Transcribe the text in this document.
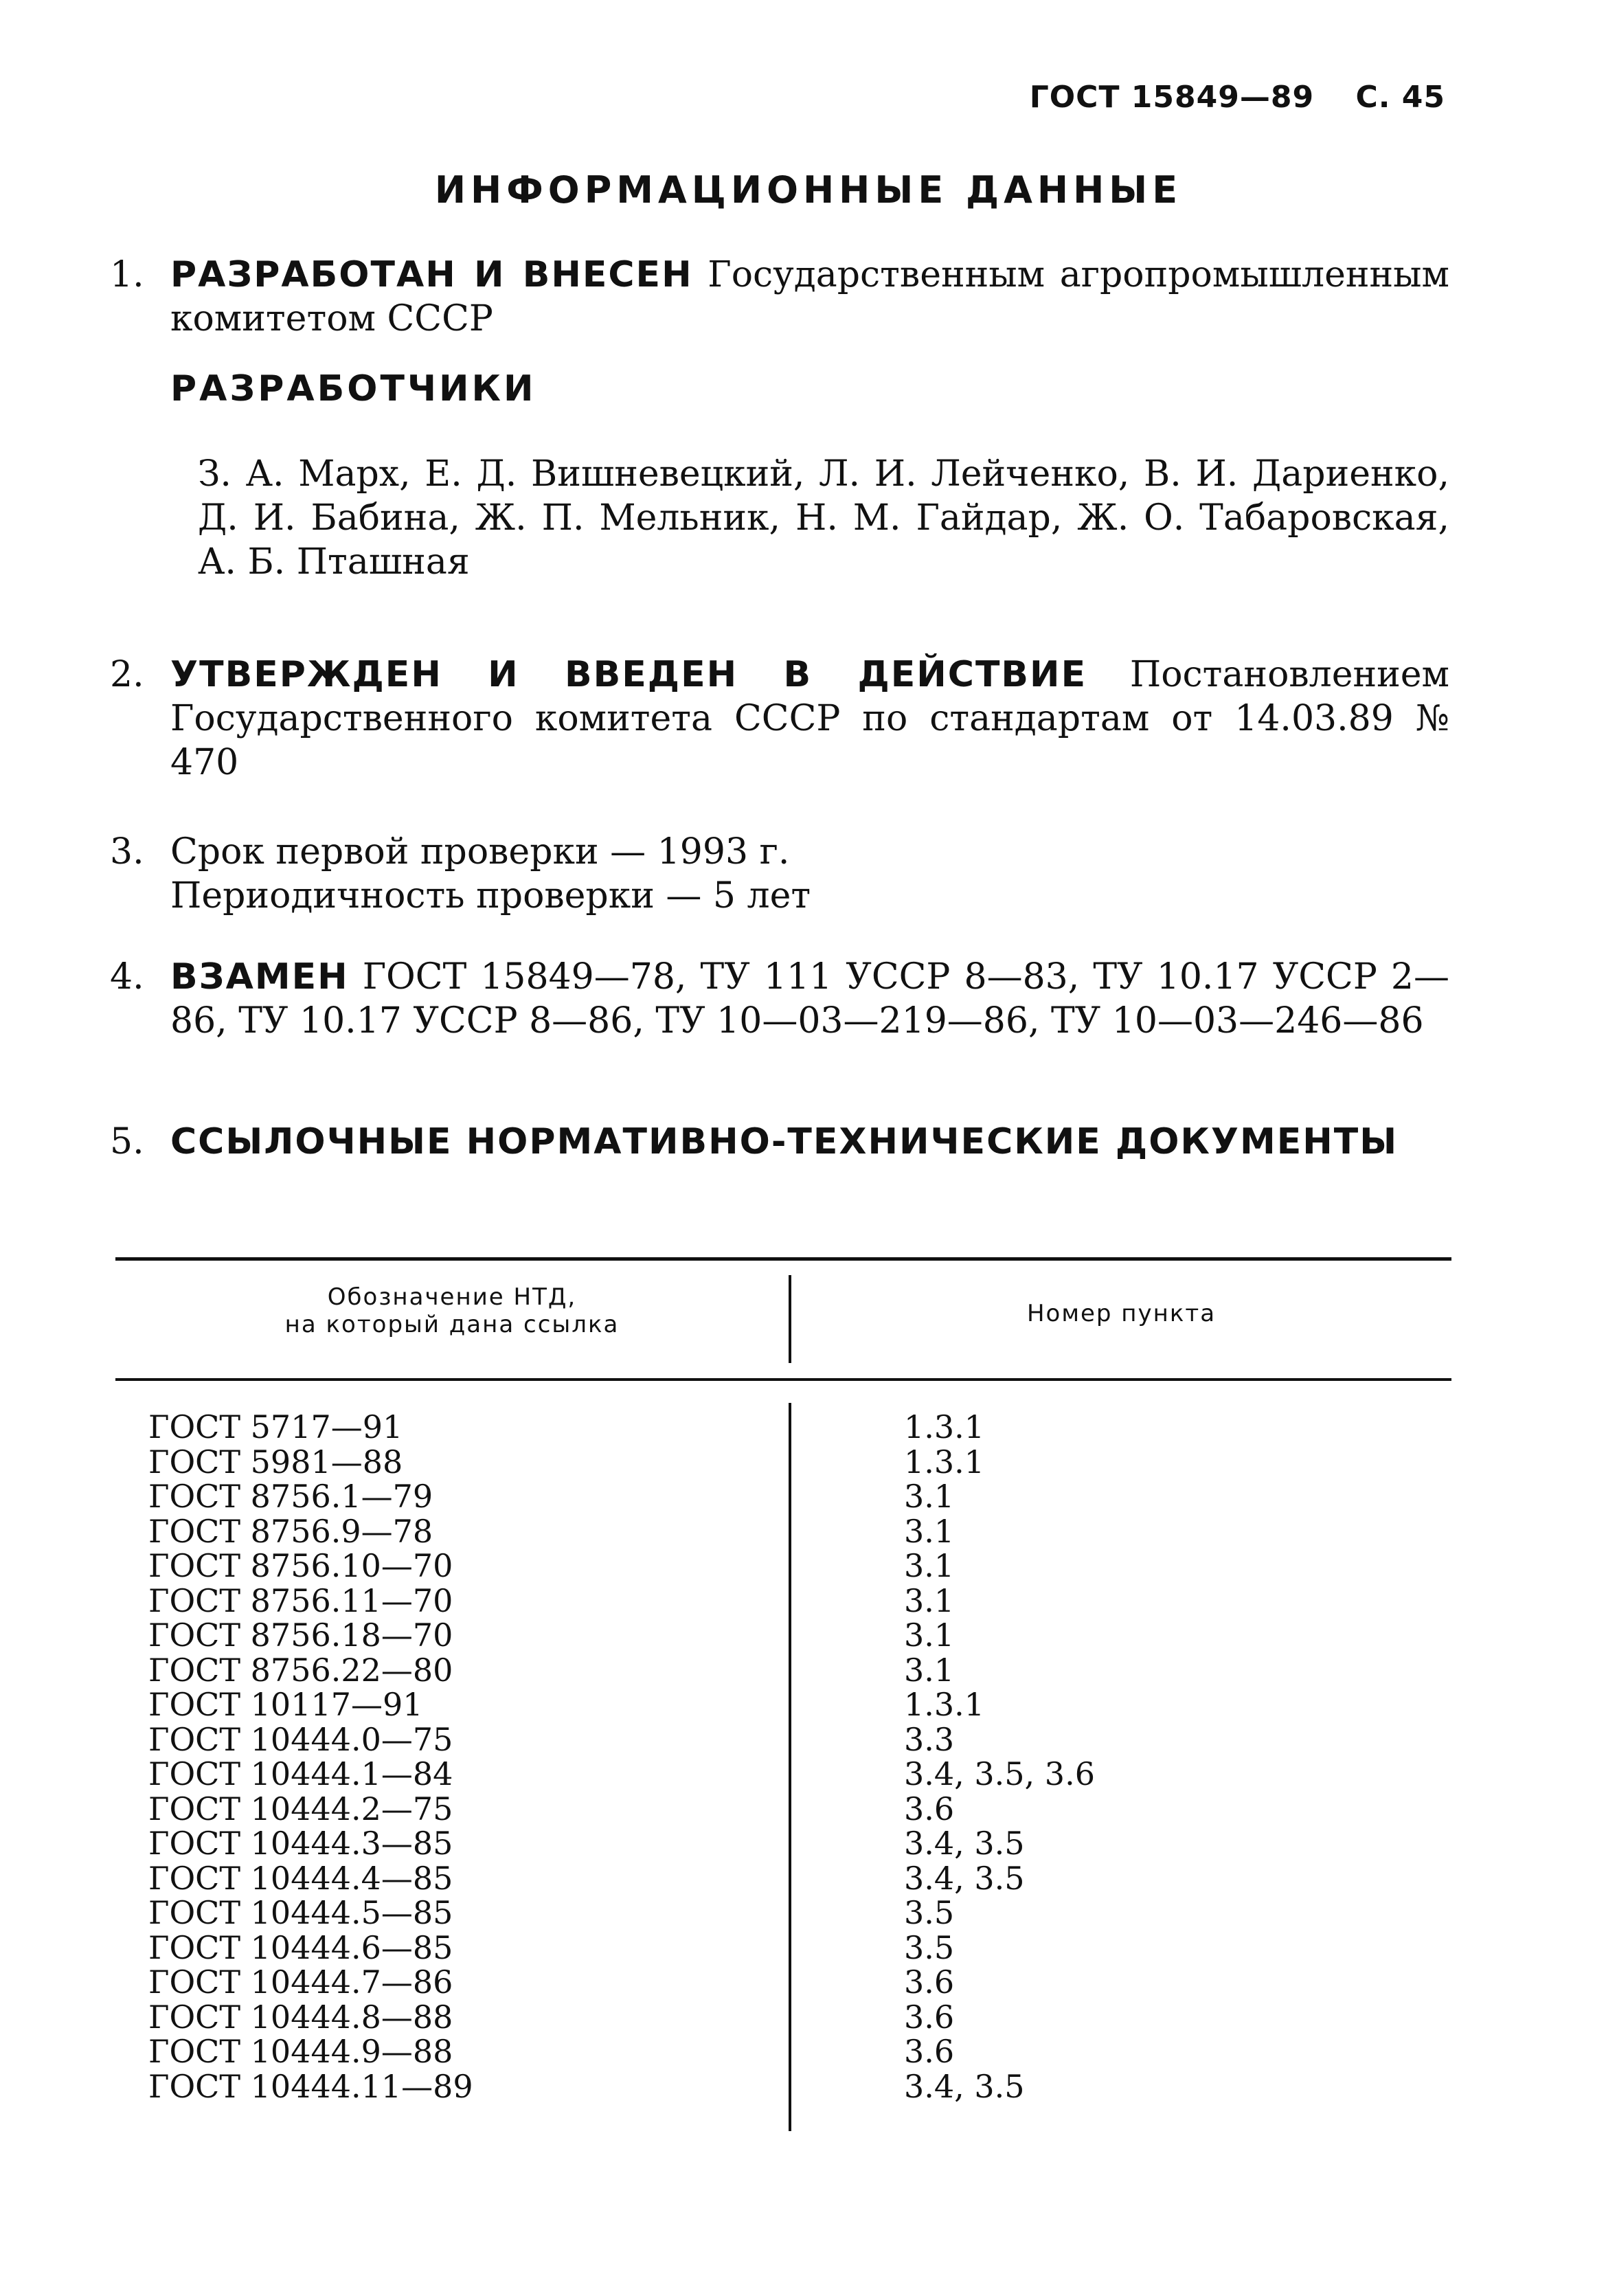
ГОСТ 15849—89 С. 45
ИНФОРМАЦИОННЫЕ ДАННЫЕ
1. РАЗРАБОТАН И ВНЕСЕН Государственным агропромышленным комитетом СССР
РАЗРАБОТЧИКИ
З. А. Марх, Е. Д. Вишневецкий, Л. И. Лейченко, В. И. Дариенко, Д. И. Бабина, Ж. П. Мельник, Н. М. Гайдар, Ж. О. Табаровская, А. Б. Пташная
2. УТВЕРЖДЕН И ВВЕДЕН В ДЕЙСТВИЕ Постановлением Государственного комитета СССР по стандартам от 14.03.89 № 470
3. Срок первой проверки — 1993 г.
Периодичность проверки — 5 лет
4. ВЗАМЕН ГОСТ 15849—78, ТУ 111 УССР 8—83, ТУ 10.17 УССР 2—86, ТУ 10.17 УССР 8—86, ТУ 10—03—219—86, ТУ 10—03—246—86
5. ССЫЛОЧНЫЕ НОРМАТИВНО-ТЕХНИЧЕСКИЕ ДОКУМЕНТЫ
Обозначение НТД,
на который дана ссылка	Номер пункта
ГОСТ 5717—91	1.3.1
ГОСТ 5981—88	1.3.1
ГОСТ 8756.1—79	3.1
ГОСТ 8756.9—78	3.1
ГОСТ 8756.10—70	3.1
ГОСТ 8756.11—70	3.1
ГОСТ 8756.18—70	3.1
ГОСТ 8756.22—80	3.1
ГОСТ 10117—91	1.3.1
ГОСТ 10444.0—75	3.3
ГОСТ 10444.1—84	3.4, 3.5, 3.6
ГОСТ 10444.2—75	3.6
ГОСТ 10444.3—85	3.4, 3.5
ГОСТ 10444.4—85	3.4, 3.5
ГОСТ 10444.5—85	3.5
ГОСТ 10444.6—85	3.5
ГОСТ 10444.7—86	3.6
ГОСТ 10444.8—88	3.6
ГОСТ 10444.9—88	3.6
ГОСТ 10444.11—89	3.4, 3.5
